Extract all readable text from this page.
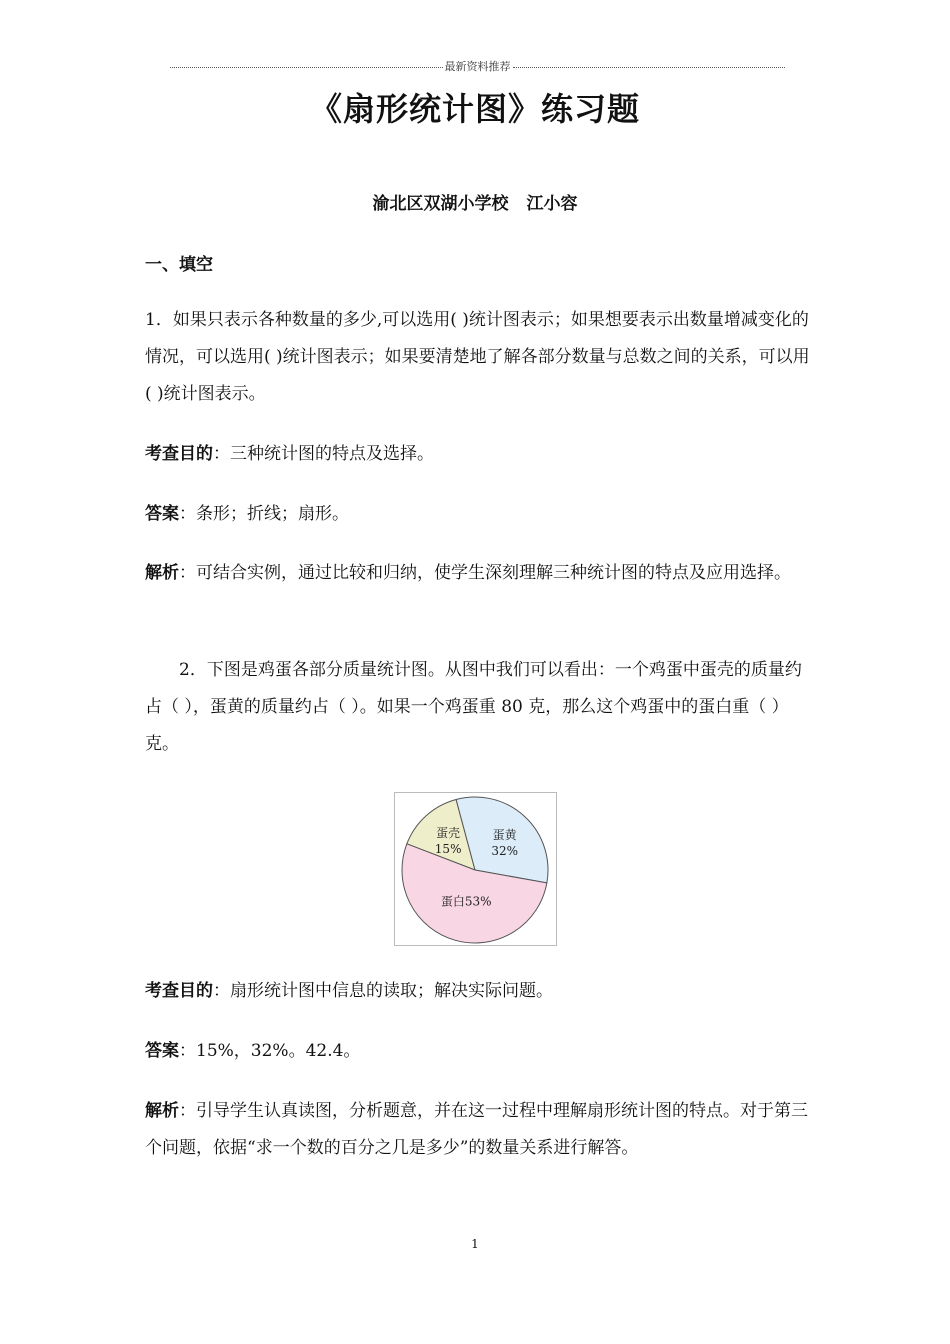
最新资料推荐
《扇形统计图》练习题
渝北区双湖小学校 江小容
一、填空
1．如果只表示各种数量的多少,可以选用( )统计图表示；如果想要表示出数量增减变化的情况，可以选用( )统计图表示；如果要清楚地了解各部分数量与总数之间的关系，可以用( )统计图表示。
考查目的：三种统计图的特点及选择。
答案：条形；折线；扇形。
解析：可结合实例，通过比较和归纳，使学生深刻理解三种统计图的特点及应用选择。
2．下图是鸡蛋各部分质量统计图。从图中我们可以看出：一个鸡蛋中蛋壳的质量约占（ ），蛋黄的质量约占（ ）。如果一个鸡蛋重 80 克，那么这个鸡蛋中的蛋白重（ ）克。
蛋壳
15%
蛋黄
32%
蛋白53%
考查目的：扇形统计图中信息的读取；解决实际问题。
答案：15%，32%。42.4。
解析：引导学生认真读图，分析题意，并在这一过程中理解扇形统计图的特点。对于第三个问题，依据“求一个数的百分之几是多少”的数量关系进行解答。
1
